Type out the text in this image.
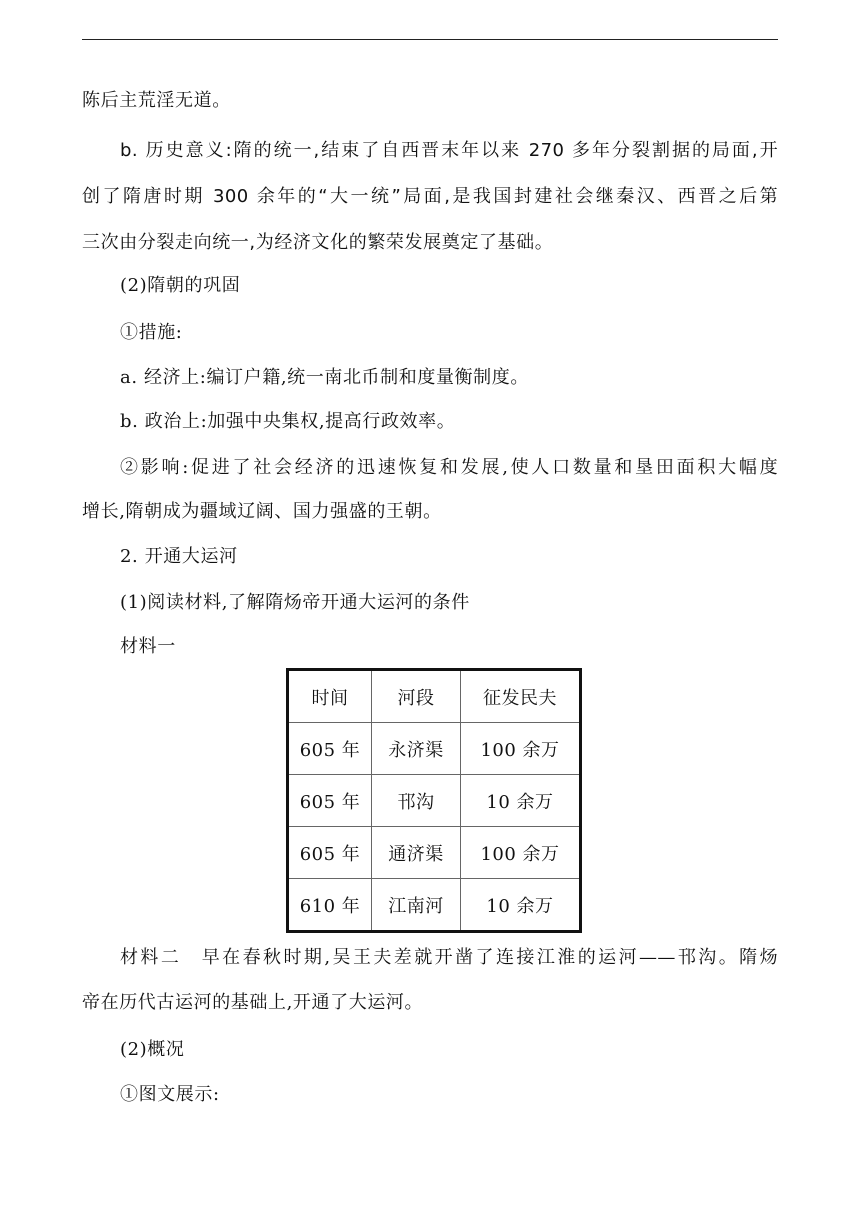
陈后主荒淫无道。
b. 历史意义:隋的统一,结束了自西晋末年以来 270 多年分裂割据的局面,开
创了隋唐时期 300 余年的“大一统”局面,是我国封建社会继秦汉、西晋之后第
三次由分裂走向统一,为经济文化的繁荣发展奠定了基础。
(2)隋朝的巩固
①措施:
a. 经济上:编订户籍,统一南北币制和度量衡制度。
b. 政治上:加强中央集权,提高行政效率。
②影响:促进了社会经济的迅速恢复和发展,使人口数量和垦田面积大幅度
增长,隋朝成为疆域辽阔、国力强盛的王朝。
2. 开通大运河
(1)阅读材料,了解隋炀帝开通大运河的条件
材料一
材料二　早在春秋时期,吴王夫差就开凿了连接江淮的运河——邗沟。隋炀
帝在历代古运河的基础上,开通了大运河。
(2)概况
①图文展示:
时间	河段	征发民夫
605 年	永济渠	100 余万
605 年	邗沟	10 余万
605 年	通济渠	100 余万
610 年	江南河	10 余万
